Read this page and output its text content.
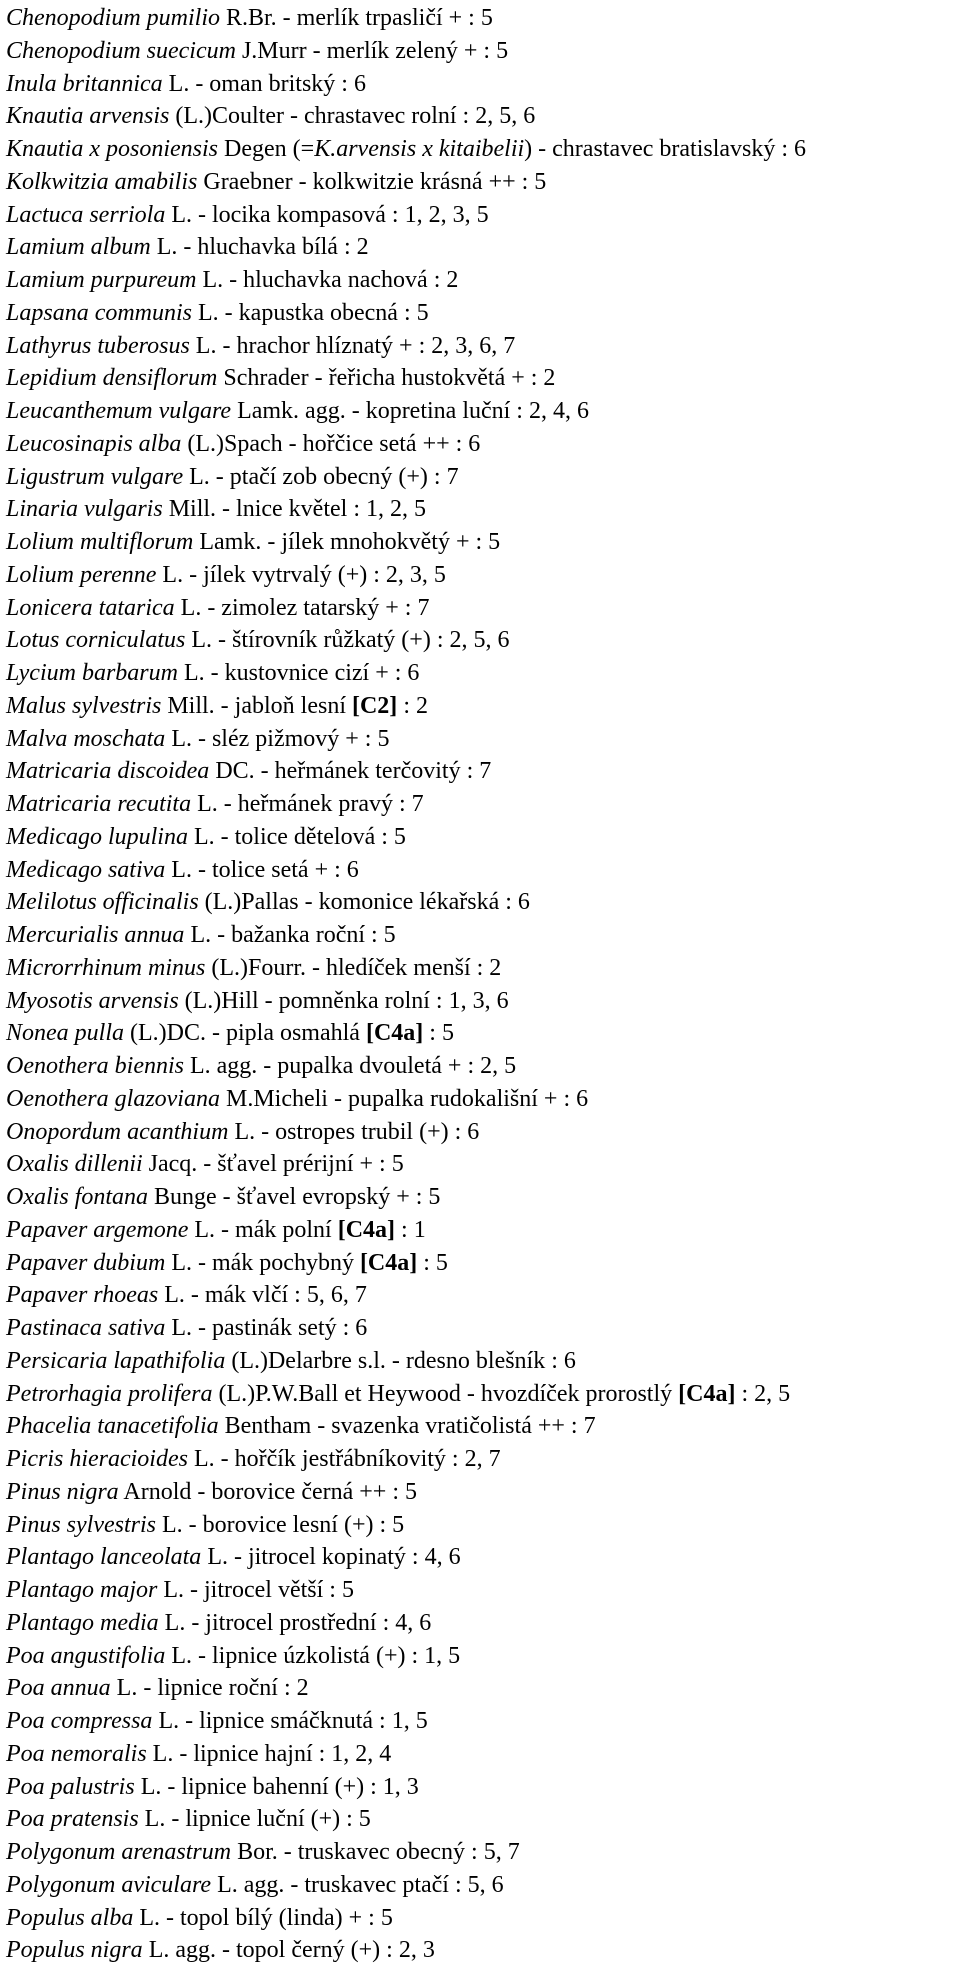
Chenopodium pumilio R.Br. - merlík trpasličí + : 5
Chenopodium suecicum J.Murr - merlík zelený + : 5
Inula britannica L. - oman britský : 6
Knautia arvensis (L.)Coulter - chrastavec rolní : 2, 5, 6
Knautia x posoniensis Degen (=K.arvensis x kitaibelii) - chrastavec bratislavský : 6
Kolkwitzia amabilis Graebner - kolkwitzie krásná ++ : 5
Lactuca serriola L. - locika kompasová : 1, 2, 3, 5
Lamium album L. - hluchavka bílá : 2
Lamium purpureum L. - hluchavka nachová : 2
Lapsana communis L. - kapustka obecná : 5
Lathyrus tuberosus L. - hrachor hlíznatý + : 2, 3, 6, 7
Lepidium densiflorum Schrader - řeřicha hustokvětá + : 2
Leucanthemum vulgare Lamk. agg. - kopretina luční : 2, 4, 6
Leucosinapis alba (L.)Spach - hořčice setá ++ : 6
Ligustrum vulgare L. - ptačí zob obecný (+) : 7
Linaria vulgaris Mill. - lnice květel : 1, 2, 5
Lolium multiflorum Lamk. - jílek mnohokvětý + : 5
Lolium perenne L. - jílek vytrvalý (+) : 2, 3, 5
Lonicera tatarica L. - zimolez tatarský + : 7
Lotus corniculatus L. - štírovník růžkatý (+) : 2, 5, 6
Lycium barbarum L. - kustovnice cizí + : 6
Malus sylvestris Mill. - jabloň lesní [C2] : 2
Malva moschata L. - sléz pižmový + : 5
Matricaria discoidea DC. - heřmánek terčovitý : 7
Matricaria recutita L. - heřmánek pravý : 7
Medicago lupulina L. - tolice dětelová : 5
Medicago sativa L. - tolice setá + : 6
Melilotus officinalis (L.)Pallas - komonice lékařská : 6
Mercurialis annua L. - bažanka roční : 5
Microrrhinum minus (L.)Fourr. - hledíček menší : 2
Myosotis arvensis (L.)Hill - pomněnka rolní : 1, 3, 6
Nonea pulla (L.)DC. - pipla osmahlá [C4a] : 5
Oenothera biennis L. agg. - pupalka dvouletá + : 2, 5
Oenothera glazoviana M.Micheli - pupalka rudokališní + : 6
Onopordum acanthium L. - ostropes trubil (+) : 6
Oxalis dillenii Jacq. - šťavel prérijní + : 5
Oxalis fontana Bunge - šťavel evropský + : 5
Papaver argemone L. - mák polní [C4a] : 1
Papaver dubium L. - mák pochybný [C4a] : 5
Papaver rhoeas L. - mák vlčí : 5, 6, 7
Pastinaca sativa L. - pastinák setý : 6
Persicaria lapathifolia (L.)Delarbre s.l. - rdesno blešník : 6
Petrorhagia prolifera (L.)P.W.Ball et Heywood - hvozdíček prorostlý [C4a] : 2, 5
Phacelia tanacetifolia Bentham - svazenka vratičolistá ++ : 7
Picris hieracioides L. - hořčík jestřábníkovitý : 2, 7
Pinus nigra Arnold - borovice černá ++ : 5
Pinus sylvestris L. - borovice lesní (+) : 5
Plantago lanceolata L. - jitrocel kopinatý : 4, 6
Plantago major L. - jitrocel větší : 5
Plantago media L. - jitrocel prostřední : 4, 6
Poa angustifolia L. - lipnice úzkolistá (+) : 1, 5
Poa annua L. - lipnice roční : 2
Poa compressa L. - lipnice smáčknutá : 1, 5
Poa nemoralis L. - lipnice hajní : 1, 2, 4
Poa palustris L. - lipnice bahenní (+) : 1, 3
Poa pratensis L. - lipnice luční (+) : 5
Polygonum arenastrum Bor. - truskavec obecný : 5, 7
Polygonum aviculare L. agg. - truskavec ptačí : 5, 6
Populus alba L. - topol bílý (linda) + : 5
Populus nigra L. agg. - topol černý (+) : 2, 3
